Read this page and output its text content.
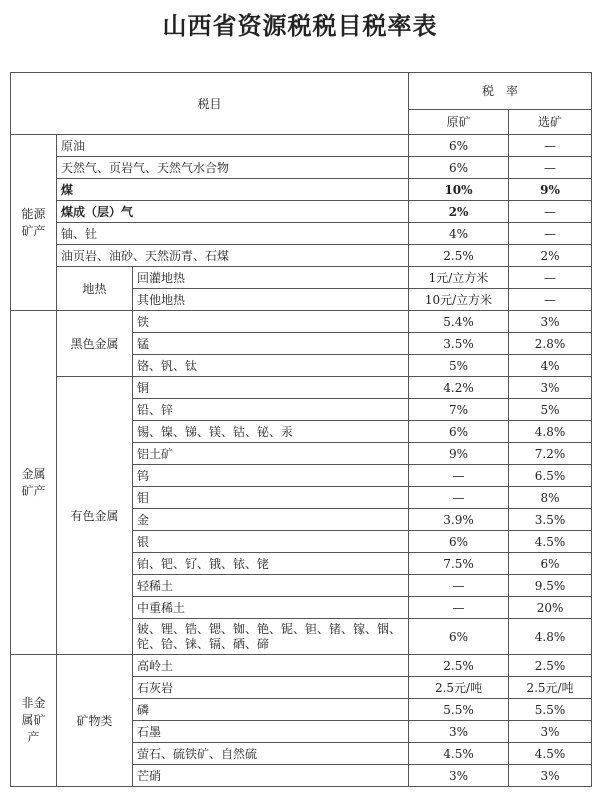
山西省资源税税目税率表
税目			税　率	
			原矿	选矿
能源矿产	原油		6%	—
	天然气、页岩气、天然气水合物		6%	—
	煤		10%	9%
	煤成（层）气		2%	—
	铀、钍		4%	—
	油页岩、油砂、天然沥青、石煤		2.5%	2%
	地热	回灌地热	1元/立方米	—
		其他地热	10元/立方米	—
金属矿产	黑色金属	铁	5.4%	3%
		锰	3.5%	2.8%
		铬、钒、钛	5%	4%
	有色金属	铜	4.2%	3%
		铅、锌	7%	5%
		锡、镍、锑、镁、钴、铋、汞	6%	4.8%
		铝土矿	9%	7.2%
		钨	—	6.5%
		钼	—	8%
		金	3.9%	3.5%
		银	6%	4.5%
		铂、钯、钌、锇、铱、铑	7.5%	6%
		轻稀土	—	9.5%
		中重稀土	—	20%
		铍、锂、锆、锶、铷、铯、铌、钽、锗、镓、铟、铊、铪、铼、镉、硒、碲	6%	4.8%
非金属矿产	矿物类	高岭土	2.5%	2.5%
		石灰岩	2.5元/吨	2.5元/吨
		磷	5.5%	5.5%
		石墨	3%	3%
		萤石、硫铁矿、自然硫	4.5%	4.5%
		芒硝	3%	3%
